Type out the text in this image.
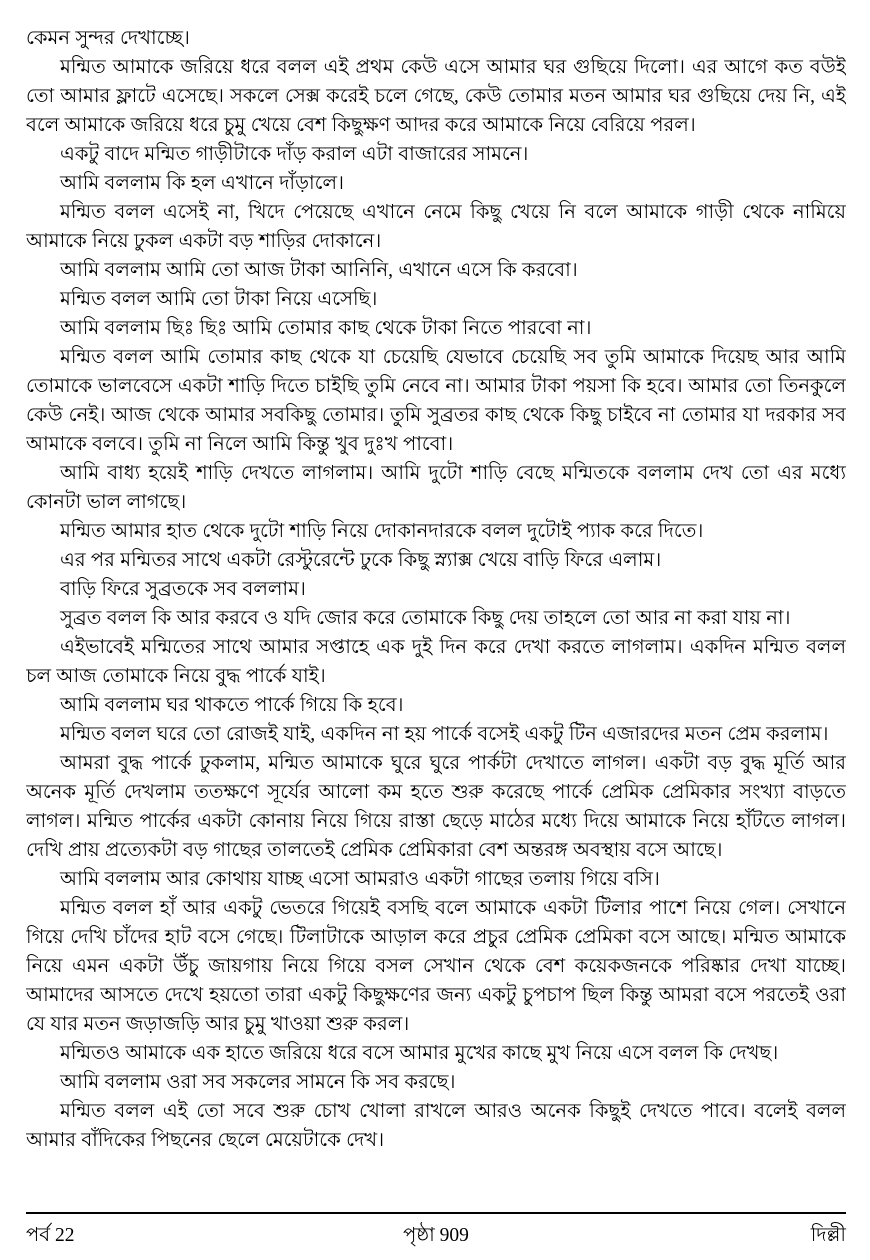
কেমন সুন্দর দেখাচ্ছে।

মন্মিত আমাকে জরিয়ে ধরে বলল এই প্রথম কেউ এসে আমার ঘর গুছিয়ে দিলো। এর আগে কত বউই তো আমার ফ্লাটে এসেছে। সকলে সেক্স করেই চলে গেছে, কেউ তোমার মতন আমার ঘর গুছিয়ে দেয় নি, এই বলে আমাকে জরিয়ে ধরে চুমু খেয়ে বেশ কিছুক্ষণ আদর করে আমাকে নিয়ে বেরিয়ে পরল।

একটু বাদে মন্মিত গাড়ীটাকে দাঁড় করাল এটা বাজারের সামনে।

আমি বললাম কি হল এখানে দাঁড়ালে।

মন্মিত বলল এসেই না, খিদে পেয়েছে এখানে নেমে কিছু খেয়ে নি বলে আমাকে গাড়ী থেকে নামিয়ে আমাকে নিয়ে ঢুকল একটা বড় শাড়ির দোকানে।

আমি বললাম আমি তো আজ টাকা আনিনি, এখানে এসে কি করবো।

মন্মিত বলল আমি তো টাকা নিয়ে এসেছি।

আমি বললাম ছিঃ ছিঃ আমি তোমার কাছ থেকে টাকা নিতে পারবো না।

মন্মিত বলল আমি তোমার কাছ থেকে যা চেয়েছি যেভাবে চেয়েছি সব তুমি আমাকে দিয়েছ আর আমি তোমাকে ভালবেসে একটা শাড়ি দিতে চাইছি তুমি নেবে না। আমার টাকা পয়সা কি হবে। আমার তো তিনকুলে কেউ নেই। আজ থেকে আমার সবকিছু তোমার। তুমি সুব্রতর কাছ থেকে কিছু চাইবে না তোমার যা দরকার সব আমাকে বলবে। তুমি না নিলে আমি কিন্তু খুব দুঃখ পাবো।

আমি বাধ্য হয়েই শাড়ি দেখতে লাগলাম। আমি দুটো শাড়ি বেছে মন্মিতকে বললাম দেখ তো এর মধ্যে কোনটা ভাল লাগছে।

মন্মিত আমার হাত থেকে দুটো শাড়ি নিয়ে দোকানদারকে বলল দুটোই প্যাক করে দিতে।

এর পর মন্মিতর সাথে একটা রেস্টুরেন্টে ঢুকে কিছু স্ন্যাক্স খেয়ে বাড়ি ফিরে এলাম।

বাড়ি ফিরে সুব্রতকে সব বললাম।

সুব্রত বলল কি আর করবে ও যদি জোর করে তোমাকে কিছু দেয় তাহলে তো আর না করা যায় না।

এইভাবেই মন্মিতের সাথে আমার সপ্তাহে এক দুই দিন করে দেখা করতে লাগলাম। একদিন মন্মিত বলল চল আজ তোমাকে নিয়ে বুদ্ধ পার্কে যাই।

আমি বললাম ঘর থাকতে পার্কে গিয়ে কি হবে।

মন্মিত বলল ঘরে তো রোজই যাই, একদিন না হয় পার্কে বসেই একটু টিন এজারদের মতন প্রেম করলাম।

আমরা বুদ্ধ পার্কে ঢুকলাম, মন্মিত আমাকে ঘুরে ঘুরে পার্কটা দেখাতে লাগল। একটা বড় বুদ্ধ মূর্তি আর অনেক মূর্তি দেখলাম ততক্ষণে সূর্যের আলো কম হতে শুরু করেছে পার্কে প্রেমিক প্রেমিকার সংখ্যা বাড়তে লাগল। মন্মিত পার্কের একটা কোনায় নিয়ে গিয়ে রাস্তা ছেড়ে মাঠের মধ্যে দিয়ে আমাকে নিয়ে হাঁটতে লাগল। দেখি প্রায় প্রত্যেকটা বড় গাছের তালতেই প্রেমিক প্রেমিকারা বেশ অন্তরঙ্গ অবস্থায় বসে আছে।

আমি বললাম আর কোথায় যাচ্ছ এসো আমরাও একটা গাছের তলায় গিয়ে বসি।

মন্মিত বলল হাঁ আর একটু ভেতরে গিয়েই বসছি বলে আমাকে একটা টিলার পাশে নিয়ে গেল। সেখানে গিয়ে দেখি চাঁদের হাট বসে গেছে। টিলাটাকে আড়াল করে প্রচুর প্রেমিক প্রেমিকা বসে আছে। মন্মিত আমাকে নিয়ে এমন একটা উঁচু জায়গায় নিয়ে গিয়ে বসল সেখান থেকে বেশ কয়েকজনকে পরিষ্কার দেখা যাচ্ছে। আমাদের আসতে দেখে হয়তো তারা একটু কিছুক্ষণের জন্য একটু চুপচাপ ছিল কিন্তু আমরা বসে পরতেই ওরা যে যার মতন জড়াজড়ি আর চুমু খাওয়া শুরু করল।

মন্মিতও আমাকে এক হাতে জরিয়ে ধরে বসে আমার মুখের কাছে মুখ নিয়ে এসে বলল কি দেখছ।

আমি বললাম ওরা সব সকলের সামনে কি সব করছে।

মন্মিত বলল এই তো সবে শুরু চোখ খোলা রাখলে আরও অনেক কিছুই দেখতে পাবে। বলেই বলল আমার বাঁদিকের পিছনের ছেলে মেয়েটাকে দেখ।

পর্ব 22	পৃষ্ঠা 909	দিল্লী
